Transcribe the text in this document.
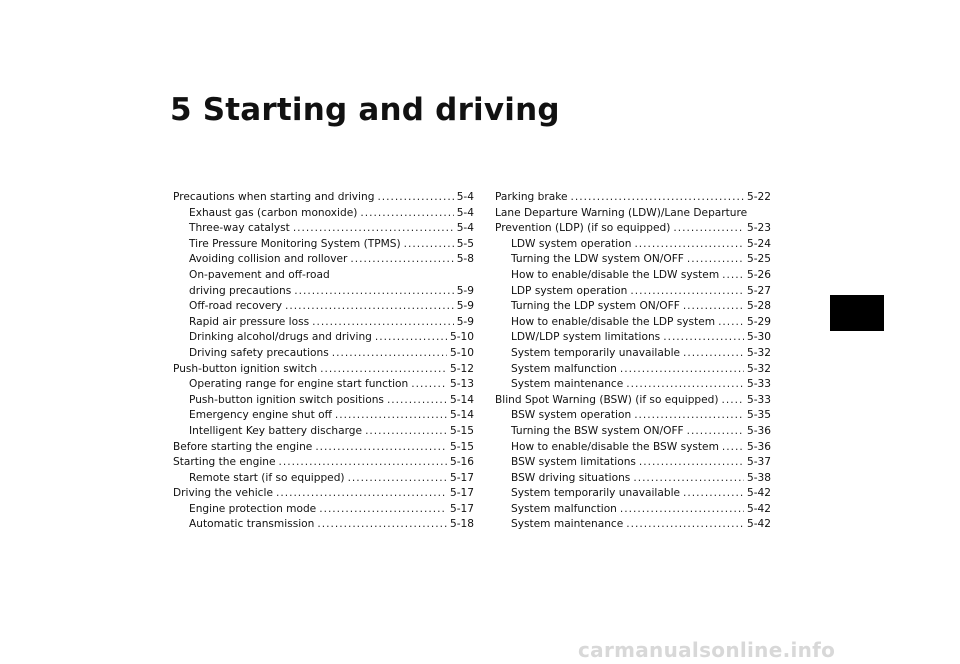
5 Starting and driving
Precautions when starting and driving .....	5-4
Exhaust gas (carbon monoxide) .....	5-4
Three-way catalyst .....	5-4
Tire Pressure Monitoring System (TPMS) .....	5-5
Avoiding collision and rollover .....	5-8
On-pavement and off-road
driving precautions .....	5-9
Off-road recovery .....	5-9
Rapid air pressure loss .....	5-9
Drinking alcohol/drugs and driving .....	5-10
Driving safety precautions .....	5-10
Push-button ignition switch .....	5-12
Operating range for engine start function .....	5-13
Push-button ignition switch positions .....	5-14
Emergency engine shut off .....	5-14
Intelligent Key battery discharge .....	5-15
Before starting the engine .....	5-15
Starting the engine .....	5-16
Remote start (if so equipped) .....	5-17
Driving the vehicle .....	5-17
Engine protection mode .....	5-17
Automatic transmission .....	5-18
Parking brake .....	5-22
Lane Departure Warning (LDW)/Lane Departure
Prevention (LDP) (if so equipped) .....	5-23
LDW system operation .....	5-24
Turning the LDW system ON/OFF .....	5-25
How to enable/disable the LDW system .....	5-26
LDP system operation .....	5-27
Turning the LDP system ON/OFF .....	5-28
How to enable/disable the LDP system .....	5-29
LDW/LDP system limitations .....	5-30
System temporarily unavailable .....	5-32
System malfunction .....	5-32
System maintenance .....	5-33
Blind Spot Warning (BSW) (if so equipped) .....	5-33
BSW system operation .....	5-35
Turning the BSW system ON/OFF .....	5-36
How to enable/disable the BSW system .....	5-36
BSW system limitations .....	5-37
BSW driving situations .....	5-38
System temporarily unavailable .....	5-42
System malfunction .....	5-42
System maintenance .....	5-42
carmanualsonline.info
